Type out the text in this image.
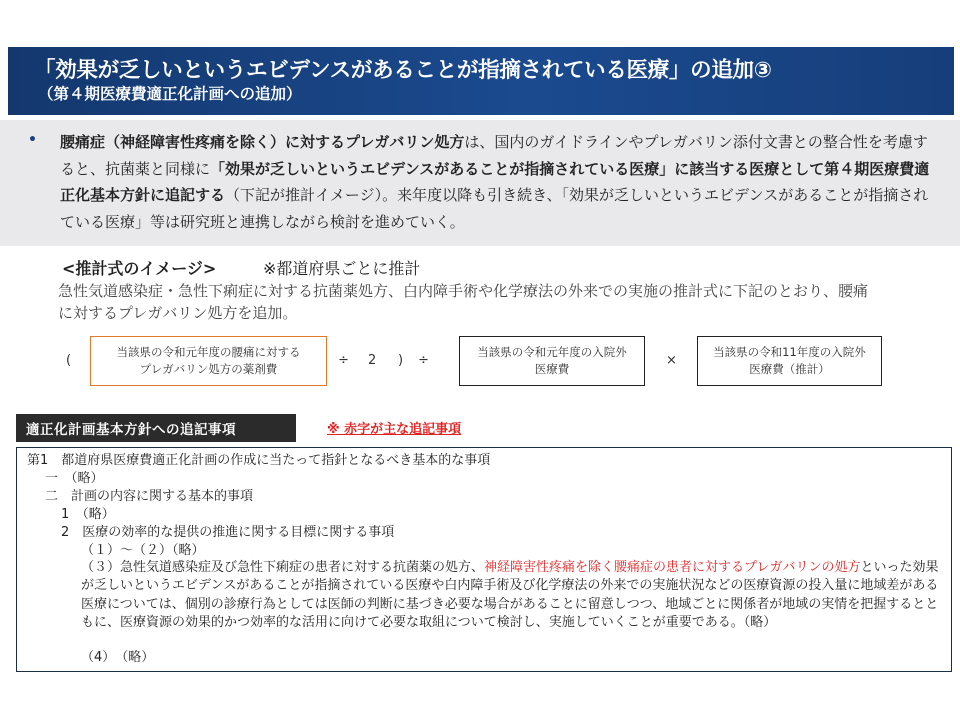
「効果が乏しいというエビデンスがあることが指摘されている医療」の追加③
（第４期医療費適正化計画への追加）
• 腰痛症（神経障害性疼痛を除く）に対するプレガバリン処方は、国内のガイドラインやプレガバリン添付文書との整合性を考慮すると、抗菌薬と同様に「効果が乏しいというエビデンスがあることが指摘されている医療」に該当する医療として第４期医療費適正化基本方針に追記する（下記が推計イメージ）。来年度以降も引き続き、「効果が乏しいというエビデンスがあることが指摘されている医療」等は研究班と連携しながら検討を進めていく。
<推計式のイメージ>	※都道府県ごとに推計
急性気道感染症・急性下痢症に対する抗菌薬処方、白内障手術や化学療法の外来での実施の推計式に下記のとおり、腰痛に対するプレガバリン処方を追加。
(
当該県の令和元年度の腰痛に対する
プレガバリン処方の薬剤費
÷ 2 ) ÷
当該県の令和元年度の入院外
医療費
×
当該県の令和11年度の入院外
医療費（推計）
適正化計画基本方針への追記事項	※ 赤字が主な追記事項
第1　都道府県医療費適正化計画の作成に当たって指針となるべき基本的な事項
一　（略）
二　計画の内容に関する基本的事項
1　（略）
2　医療の効率的な提供の推進に関する目標に関する事項
（１）～（２）（略）
（３）急性気道感染症及び急性下痢症の患者に対する抗菌薬の処方、神経障害性疼痛を除く腰痛症の患者に対するプレガバリンの処方といった効果が乏しいというエビデンスがあることが指摘されている医療や白内障手術及び化学療法の外来での実施状況などの医療資源の投入量に地域差がある医療については、個別の診療行為としては医師の判断に基づき必要な場合があることに留意しつつ、地域ごとに関係者が地域の実情を把握するとともに、医療資源の効果的かつ効率的な活用に向けて必要な取組について検討し、実施していくことが重要である。（略）
（4）　（略）
